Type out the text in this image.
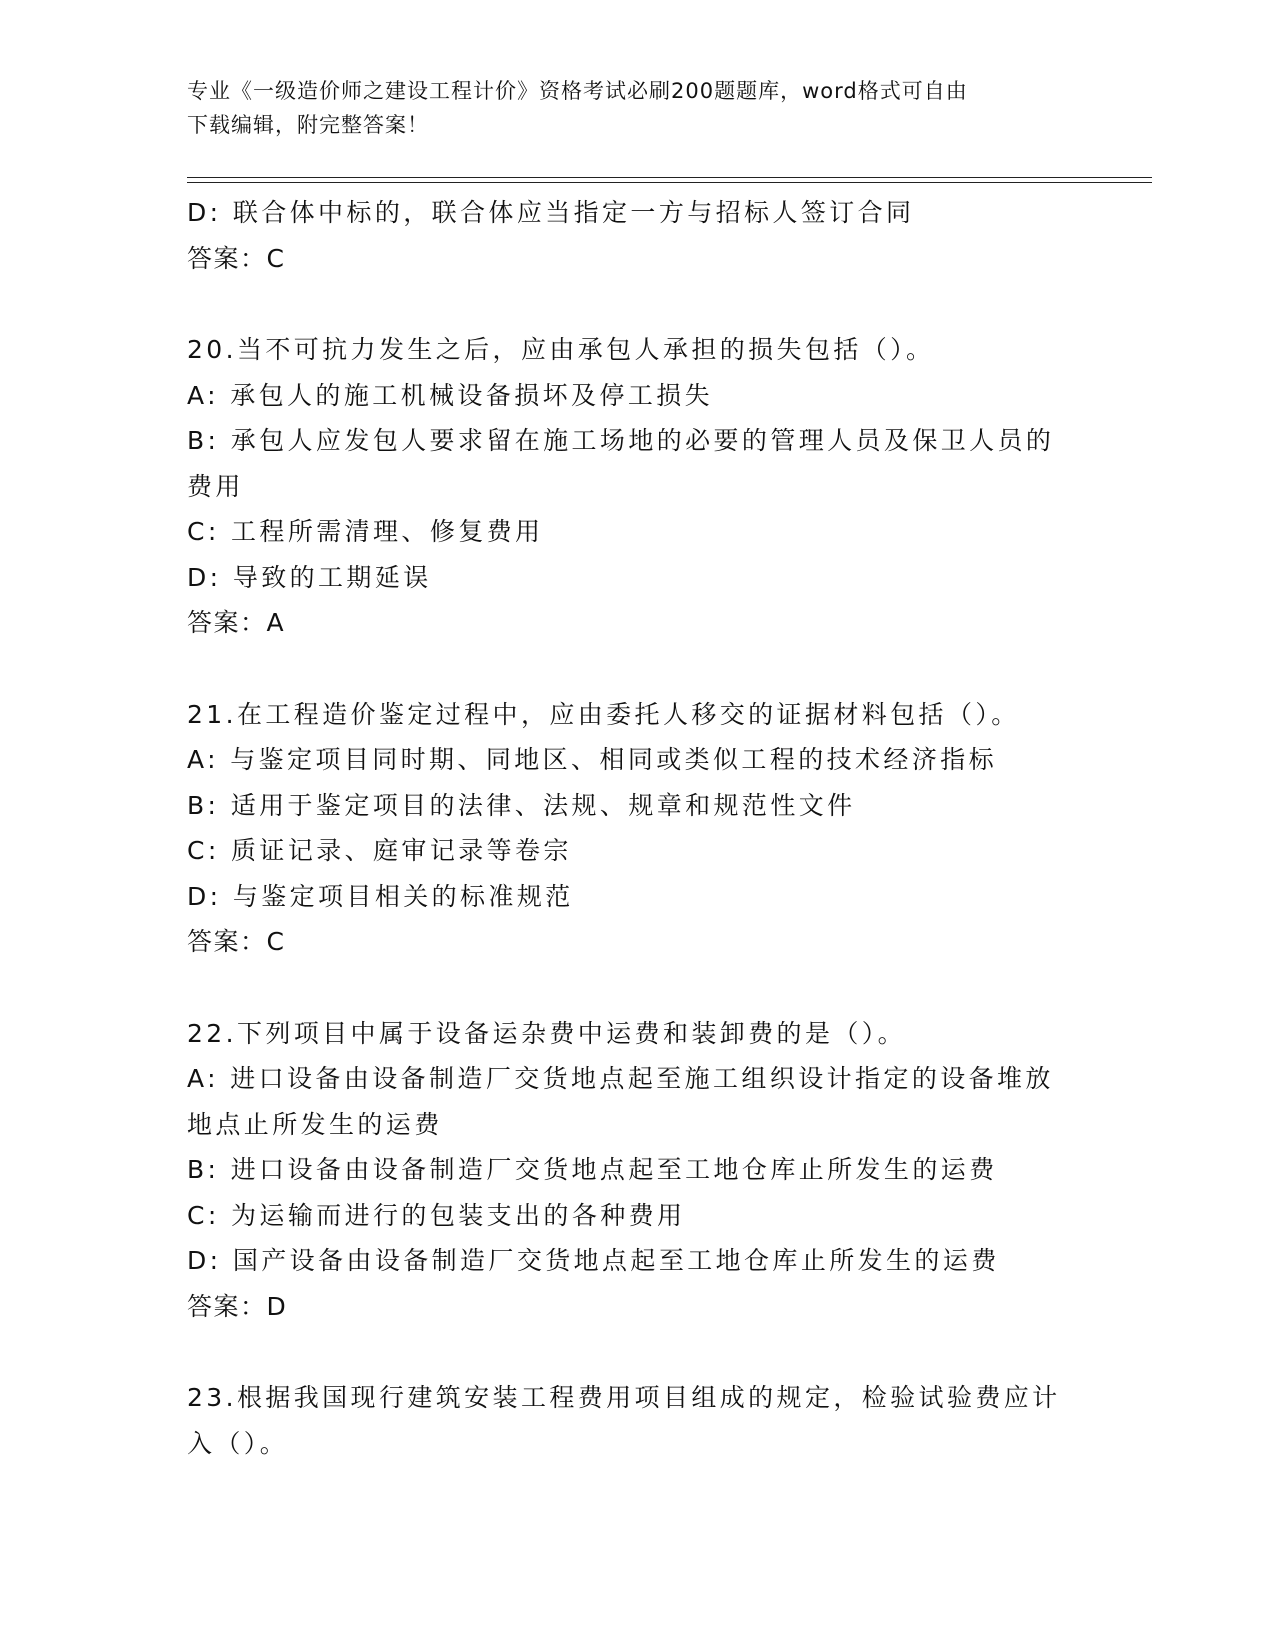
专业《一级造价师之建设工程计价》资格考试必刷200题题库，word格式可自由
下载编辑，附完整答案！
D: 联合体中标的，联合体应当指定一方与招标人签订合同
答案：C
20.当不可抗力发生之后，应由承包人承担的损失包括（）。
A: 承包人的施工机械设备损坏及停工损失
B: 承包人应发包人要求留在施工场地的必要的管理人员及保卫人员的
费用
C: 工程所需清理、修复费用
D: 导致的工期延误
答案：A
21.在工程造价鉴定过程中，应由委托人移交的证据材料包括（）。
A: 与鉴定项目同时期、同地区、相同或类似工程的技术经济指标
B: 适用于鉴定项目的法律、法规、规章和规范性文件
C: 质证记录、庭审记录等卷宗
D: 与鉴定项目相关的标准规范
答案：C
22.下列项目中属于设备运杂费中运费和装卸费的是（）。
A: 进口设备由设备制造厂交货地点起至施工组织设计指定的设备堆放
地点止所发生的运费
B: 进口设备由设备制造厂交货地点起至工地仓库止所发生的运费
C: 为运输而进行的包装支出的各种费用
D: 国产设备由设备制造厂交货地点起至工地仓库止所发生的运费
答案：D
23.根据我国现行建筑安装工程费用项目组成的规定，检验试验费应计
入（）。
